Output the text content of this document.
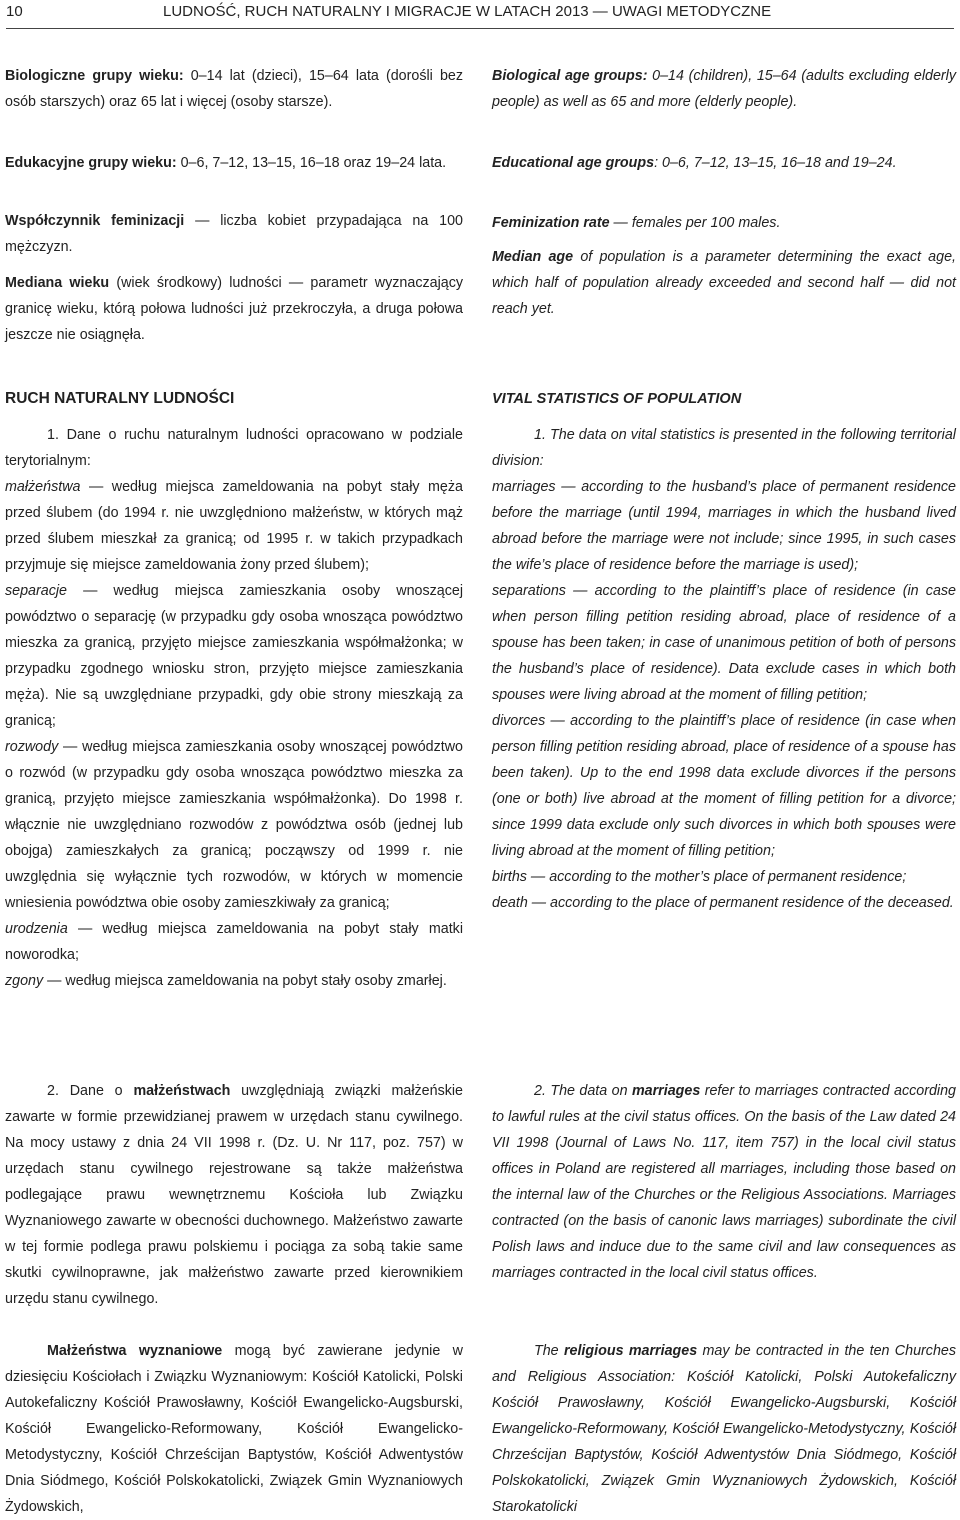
10	LUDNOŚĆ, RUCH NATURALNY I MIGRACJE W LATACH 2013 — UWAGI METODYCZNE

Biologiczne grupy wieku: 0–14 lat (dzieci), 15–64 lata (dorośli bez osób starszych) oraz 65 lat i więcej (osoby starsze).

Edukacyjne grupy wieku: 0–6, 7–12, 13–15, 16–18 oraz 19–24 lata.

Współczynnik feminizacji — liczba kobiet przypadająca na 100 mężczyzn.

Mediana wieku (wiek środkowy) ludności — parametr wyznaczający granicę wieku, którą połowa ludności już przekroczyła, a druga połowa jeszcze nie osiągnęła.

RUCH NATURALNY LUDNOŚCI

1. Dane o ruchu naturalnym ludności opracowano w podziale terytorialnym:

małżeństwa — według miejsca zameldowania na pobyt stały męża przed ślubem (do 1994 r. nie uwzględniono małżeństw, w których mąż przed ślubem mieszkał za granicą; od 1995 r. w takich przypadkach przyjmuje się miejsce zameldowania żony przed ślubem);

separacje — według miejsca zamieszkania osoby wnoszącej powództwo o separację (w przypadku gdy osoba wnosząca powództwo mieszka za granicą, przyjęto miejsce zamieszkania współmałżonka; w przypadku zgodnego wniosku stron, przyjęto miejsce zamieszkania męża). Nie są uwzględniane przypadki, gdy obie strony mieszkają za granicą;

rozwody — według miejsca zamieszkania osoby wnoszącej powództwo o rozwód (w przypadku gdy osoba wnosząca powództwo mieszka za granicą, przyjęto miejsce zamieszkania współmałżonka). Do 1998 r. włącznie nie uwzględniano rozwodów z powództwa osób (jednej lub obojga) zamieszkałych za granicą; począwszy od 1999 r. nie uwzględnia się wyłącznie tych rozwodów, w których w momencie wniesienia powództwa obie osoby zamieszkiwały za granicą;

urodzenia — według miejsca zameldowania na pobyt stały matki noworodka;

zgony — według miejsca zameldowania na pobyt stały osoby zmarłej.

2. Dane o małżeństwach uwzględniają związki małżeńskie zawarte w formie przewidzianej prawem w urzędach stanu cywilnego. Na mocy ustawy z dnia 24 VII 1998 r. (Dz. U. Nr 117, poz. 757) w urzędach stanu cywilnego rejestrowane są także małżeństwa podlegające prawu wewnętrznemu Kościoła lub Związku Wyznaniowego zawarte w obecności duchownego. Małżeństwo zawarte w tej formie podlega prawu polskiemu i pociąga za sobą takie same skutki cywilnoprawne, jak małżeństwo zawarte przed kierownikiem urzędu stanu cywilnego.

Małżeństwa wyznaniowe mogą być zawierane jedynie w dziesięciu Kościołach i Związku Wyznaniowym: Kościół Katolicki, Polski Autokefaliczny Kościół Prawosławny, Kościół Ewangelicko-Augsburski, Kościół Ewangelicko-Reformowany, Kościół Ewangelicko-Metodystyczny, Kościół Chrześcijan Baptystów, Kościół Adwentystów Dnia Siódmego, Kościół Polskokatolicki, Związek Gmin Wyznaniowych Żydowskich,

Biological age groups: 0–14 (children), 15–64 (adults excluding elderly people) as well as 65 and more (elderly people).

Educational age groups: 0–6, 7–12, 13–15, 16–18 and 19–24.

Feminization rate — females per 100 males.

Median age of population is a parameter determining the exact age, which half of population already exceeded and second half — did not reach yet.

VITAL STATISTICS OF POPULATION

1. The data on vital statistics is presented in the following territorial division:

marriages — according to the husband’s place of permanent residence before the marriage (until 1994, marriages in which the husband lived abroad before the marriage were not include; since 1995, in such cases the wife’s place of residence before the marriage is used);

separations — according to the plaintiff’s place of residence (in case when person filling petition residing abroad, place of residence of a spouse has been taken; in case of unanimous petition of both of persons the husband’s place of residence). Data exclude cases in which both spouses were living abroad at the moment of filling petition;

divorces — according to the plaintiff’s place of residence (in case when person filling petition residing abroad, place of residence of a spouse has been taken). Up to the end 1998 data exclude divorces if the persons (one or both) live abroad at the moment of filling petition for a divorce; since 1999 data exclude only such divorces in which both spouses were living abroad at the moment of filling petition;

births — according to the mother’s place of permanent residence;

death — according to the place of permanent residence of the deceased.

2. The data on marriages refer to marriages contracted according to lawful rules at the civil status offices. On the basis of the Law dated 24 VII 1998 (Journal of Laws No. 117, item 757) in the local civil status offices in Poland are registered all marriages, including those based on the internal law of the Churches or the Religious Associations. Marriages contracted (on the basis of canonic laws marriages) subordinate the civil Polish laws and induce due to the same civil and law consequences as marriages contracted in the local civil status offices.

The religious marriages may be contracted in the ten Churches and Religious Association: Kościół Katolicki, Polski Autokefaliczny Kościół Prawosławny, Kościół Ewangelicko-Augsburski, Kościół Ewangelicko-Reformowany, Kościół Ewangelicko-Metodystyczny, Kościół Chrześcijan Baptystów, Kościół Adwentystów Dnia Siódmego, Kościół Polskokatolicki, Związek Gmin Wyznaniowych Żydowskich, Kościół Starokatolicki
